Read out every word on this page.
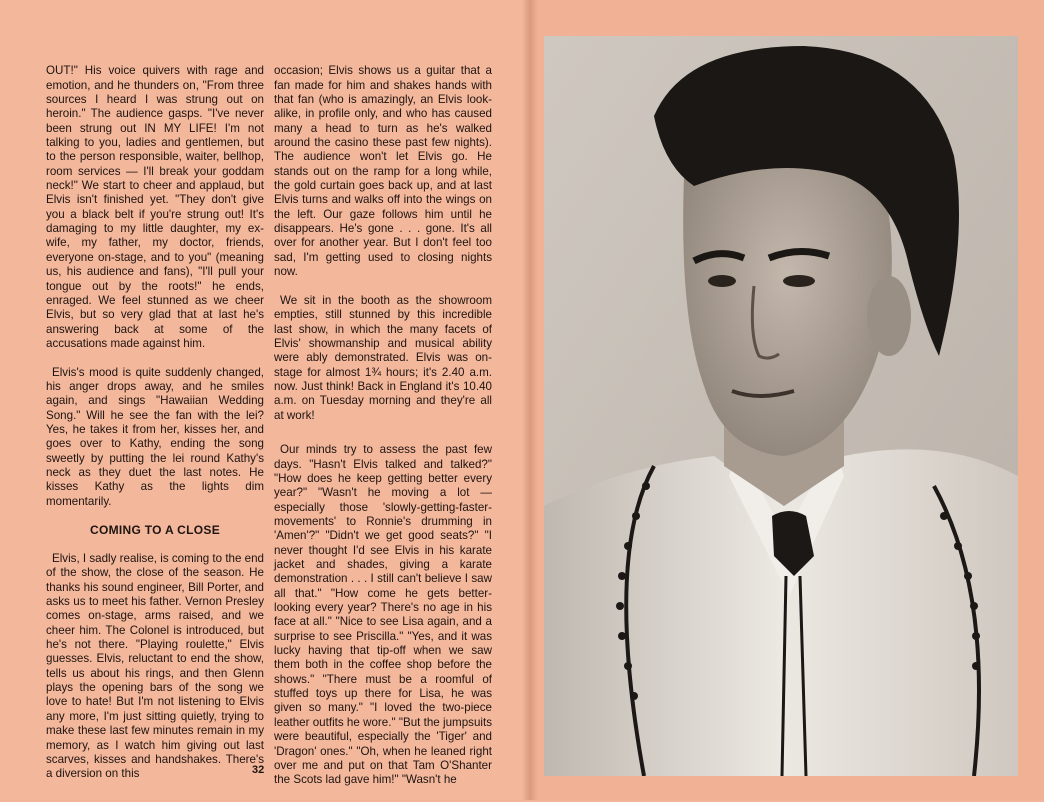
OUT!" His voice quivers with rage and emotion, and he thunders on, "From three sources I heard I was strung out on heroin." The audience gasps. "I've never been strung out IN MY LIFE! I'm not talking to you, ladies and gentlemen, but to the person responsible, waiter, bellhop, room services — I'll break your goddam neck!" We start to cheer and applaud, but Elvis isn't finished yet. "They don't give you a black belt if you're strung out! It's damaging to my little daughter, my ex-wife, my father, my doctor, friends, everyone on-stage, and to you" (meaning us, his audience and fans), "I'll pull your tongue out by the roots!" he ends, enraged. We feel stunned as we cheer Elvis, but so very glad that at last he's answering back at some of the accusations made against him.

Elvis's mood is quite suddenly changed, his anger drops away, and he smiles again, and sings "Hawaiian Wedding Song." Will he see the fan with the lei? Yes, he takes it from her, kisses her, and goes over to Kathy, ending the song sweetly by putting the lei round Kathy's neck as they duet the last notes. He kisses Kathy as the lights dim momentarily.

COMING TO A CLOSE

Elvis, I sadly realise, is coming to the end of the show, the close of the season. He thanks his sound engineer, Bill Porter, and asks us to meet his father. Vernon Presley comes on-stage, arms raised, and we cheer him. The Colonel is introduced, but he's not there. "Playing roulette," Elvis guesses. Elvis, reluctant to end the show, tells us about his rings, and then Glenn plays the opening bars of the song we love to hate! But I'm not listening to Elvis any more, I'm just sitting quietly, trying to make these last few minutes remain in my memory, as I watch him giving out last scarves, kisses and handshakes. There's a diversion on this

occasion; Elvis shows us a guitar that a fan made for him and shakes hands with that fan (who is amazingly, an Elvis look-alike, in profile only, and who has caused many a head to turn as he's walked around the casino these past few nights). The audience won't let Elvis go. He stands out on the ramp for a long while, the gold curtain goes back up, and at last Elvis turns and walks off into the wings on the left. Our gaze follows him until he disappears. He's gone . . . gone. It's all over for another year. But I don't feel too sad, I'm getting used to closing nights now.

We sit in the booth as the showroom empties, still stunned by this incredible last show, in which the many facets of Elvis' showmanship and musical ability were ably demonstrated. Elvis was on-stage for almost 1¾ hours; it's 2.40 a.m. now. Just think! Back in England it's 10.40 a.m. on Tuesday morning and they're all at work!

Our minds try to assess the past few days. "Hasn't Elvis talked and talked?" "How does he keep getting better every year?" "Wasn't he moving a lot — especially those 'slowly-getting-faster-movements' to Ronnie's drumming in 'Amen'?" "Didn't we get good seats?" "I never thought I'd see Elvis in his karate jacket and shades, giving a karate demonstration . . . I still can't believe I saw all that." "How come he gets better-looking every year? There's no age in his face at all." "Nice to see Lisa again, and a surprise to see Priscilla." "Yes, and it was lucky having that tip-off when we saw them both in the coffee shop before the shows." "There must be a roomful of stuffed toys up there for Lisa, he was given so many." "I loved the two-piece leather outfits he wore." "But the jumpsuits were beautiful, especially the 'Tiger' and 'Dragon' ones." "Oh, when he leaned right over me and put on that Tam O'Shanter the Scots lad gave him!" "Wasn't he

32
